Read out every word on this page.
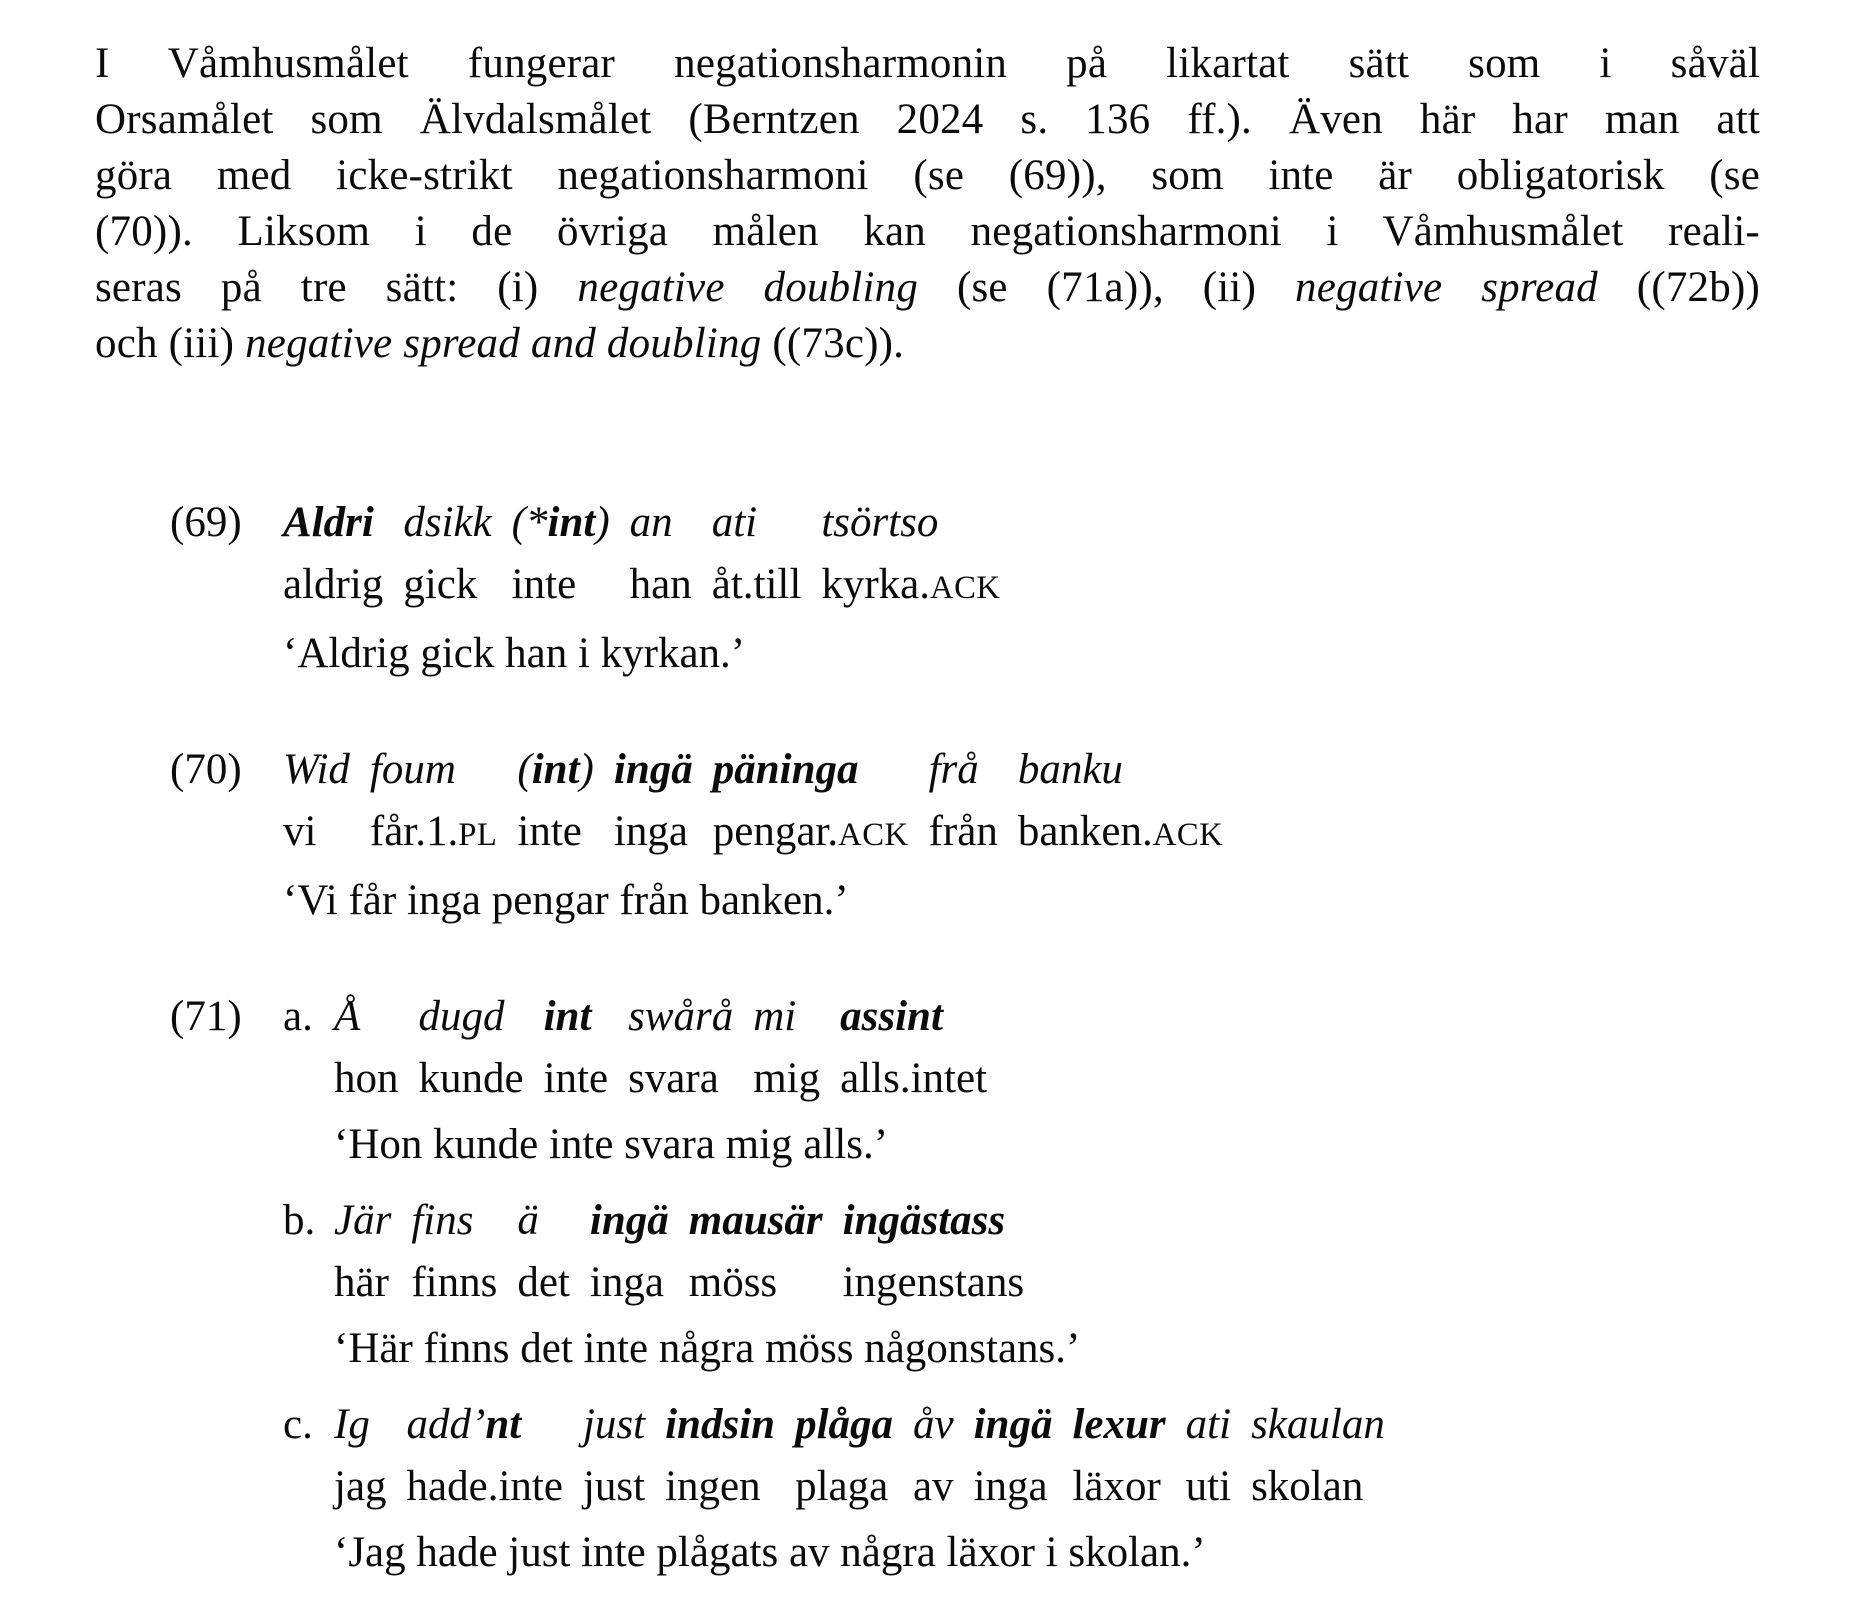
I Våmhusmålet fungerar negationsharmonin på likartat sätt som i såväl
Orsamålet som Älvdalsmålet (Berntzen 2024 s. 136 ff.). Även här har man att
göra med icke-strikt negationsharmoni (se (69)), som inte är obligatorisk (se
(70)). Liksom i de övriga målen kan negationsharmoni i Våmhusmålet reali-
seras på tre sätt: (i) negative doubling (se (71a)), (ii) negative spread ((72b))
och (iii) negative spread and doubling ((73c)).
(69) Aldri
aldrig
dsikk
gick
(*int)
inte
an
han
ati
åt.till
tsörtso
kyrka.ACK
‘Aldrig gick han i kyrkan.’
(70) Wid
vi
foum
får.1.PL
(int)
inte
ingä
inga
päninga
pengar.ACK
frå
från
banku
banken.ACK
‘Vi får inga pengar från banken.’
(71) a. Å
hon
dugd
kunde
int
inte
swårå
svara
mi
mig
assint
alls.intet
‘Hon kunde inte svara mig alls.’
b. Jär
här
fins
finns
ä
det
ingä
inga
mausär
möss
ingästass
ingenstans
‘Här finns det inte några möss någonstans.’
c. Ig
jag
add’nt
hade.inte
just
just
indsin
ingen
plåga
plaga
åv
av
ingä
inga
lexur
läxor
ati
uti
skaulan
skolan
‘Jag hade just inte plågats av några läxor i skolan.’
